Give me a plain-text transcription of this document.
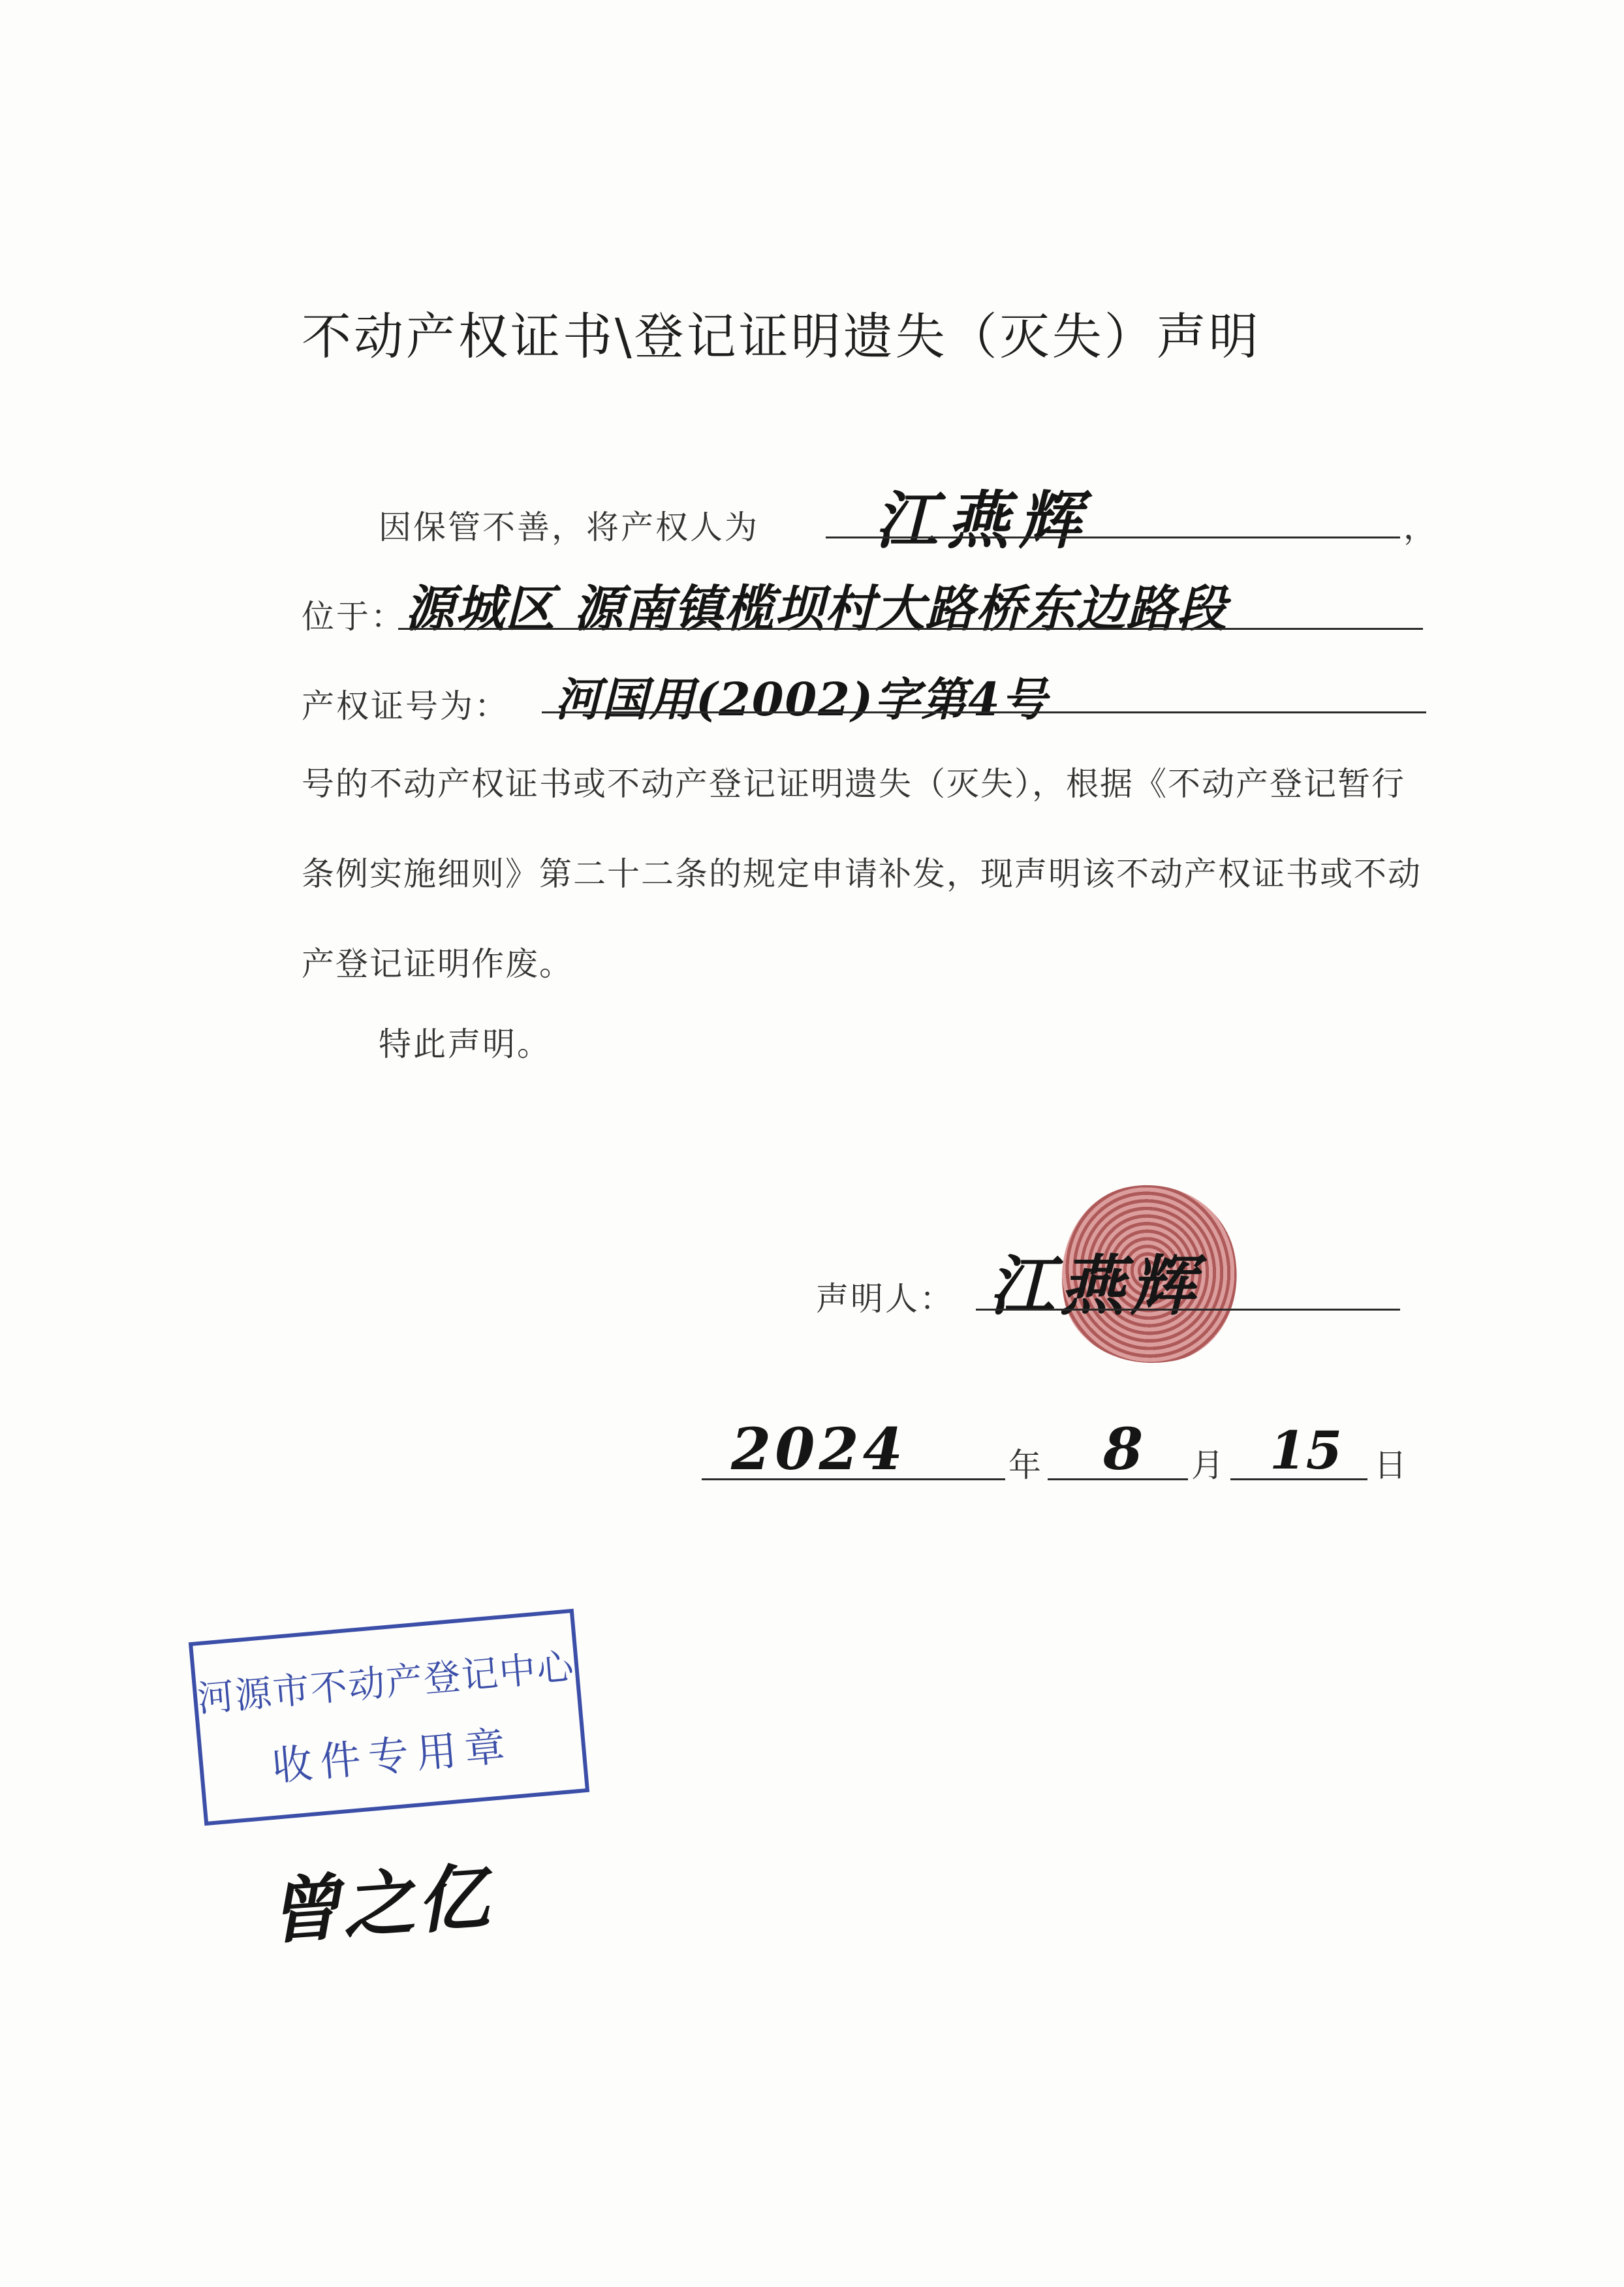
不动产权证书\登记证明遗失（灭失）声明
因保管不善，将产权人为 江燕辉	，
位于： 源城区 源南镇榄坝村大路桥东边路段
产权证号为： 河国用(2002)字第4号
号的不动产权证书或不动产登记证明遗失（灭失），根据《不动产登记暂行条例实施细则》第二十二条的规定申请补发，现声明该不动产权证书或不动产登记证明作废。
特此声明。
声明人： 江燕辉
2024	年 8 月 15 日
河源市不动产登记中心
收件专用章
曾之亿
